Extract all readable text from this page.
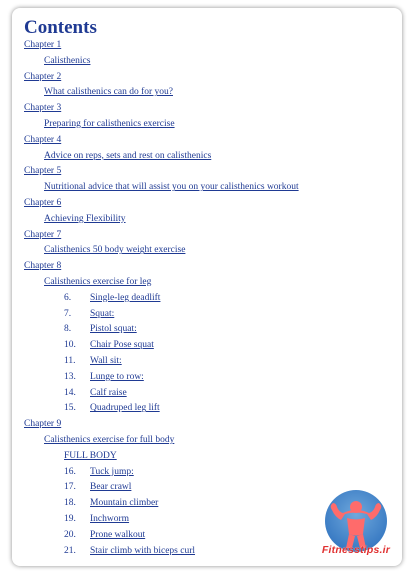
Contents
Chapter 1
Calisthenics
Chapter 2
What calisthenics can do for you?
Chapter 3
Preparing for calisthenics exercise
Chapter 4
Advice on reps, sets and rest on calisthenics
Chapter 5
Nutritional advice that will assist you on your calisthenics workout
Chapter 6
Achieving Flexibility
Chapter 7
Calisthenics 50 body weight exercise
Chapter 8
Calisthenics exercise for leg
6. Single-leg deadlift
7. Squat:
8. Pistol squat:
10. Chair Pose squat
11. Wall sit:
13. Lunge to row:
14. Calf raise
15. Quadruped leg lift
Chapter 9
Calisthenics exercise for full body
FULL BODY
16. Tuck jump:
17. Bear crawl
18. Mountain climber
19. Inchworm
20. Prone walkout
21. Stair climb with biceps curl	Fitnesstips.ir
